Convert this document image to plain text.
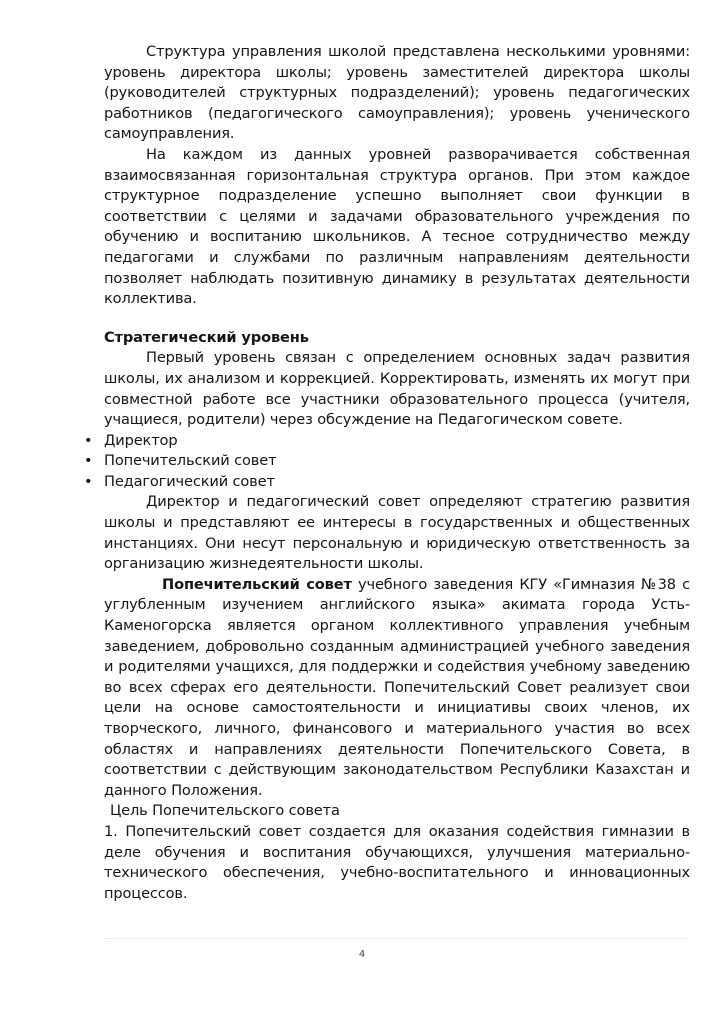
Структура управления школой представлена несколькими уровнями: уровень директора школы; уровень заместителей директора школы (руководителей структурных подразделений); уровень педагогических работников (педагогического самоуправления); уровень ученического самоуправления.

На каждом из данных уровней разворачивается собственная взаимосвязанная горизонтальная структура органов. При этом каждое структурное подразделение успешно выполняет свои функции в соответствии с целями и задачами образовательного учреждения по обучению и воспитанию школьников. А тесное сотрудничество между педагогами и службами по различным направлениям деятельности позволяет наблюдать позитивную динамику в результатах деятельности коллектива.

Стратегический уровень

Первый уровень связан с определением основных задач развития школы, их анализом и коррекцией. Корректировать, изменять их могут при совместной работе все участники образовательного процесса (учителя, учащиеся, родители) через обсуждение на Педагогическом совете.

• Директор
• Попечительский совет
• Педагогический совет

Директор и педагогический совет определяют стратегию развития школы и представляют ее интересы в государственных и общественных инстанциях. Они несут персональную и юридическую ответственность за организацию жизнедеятельности школы.

Попечительский совет учебного заведения КГУ «Гимназия №38 с углубленным изучением английского языка» акимата города Усть-Каменогорска является органом коллективного управления учебным заведением, добровольно созданным администрацией учебного заведения и родителями учащихся, для поддержки и содействия учебному заведению во всех сферах его деятельности. Попечительский Совет реализует свои цели на основе самостоятельности и инициативы своих членов, их творческого, личного, финансового и материального участия во всех областях и направлениях деятельности Попечительского Совета, в соответствии с действующим законодательством Республики Казахстан и данного Положения.

Цель Попечительского совета

1. Попечительский совет создается для оказания содействия гимназии в деле обучения и воспитания обучающихся, улучшения материально-технического обеспечения, учебно-воспитательного и инновационных процессов.

4
